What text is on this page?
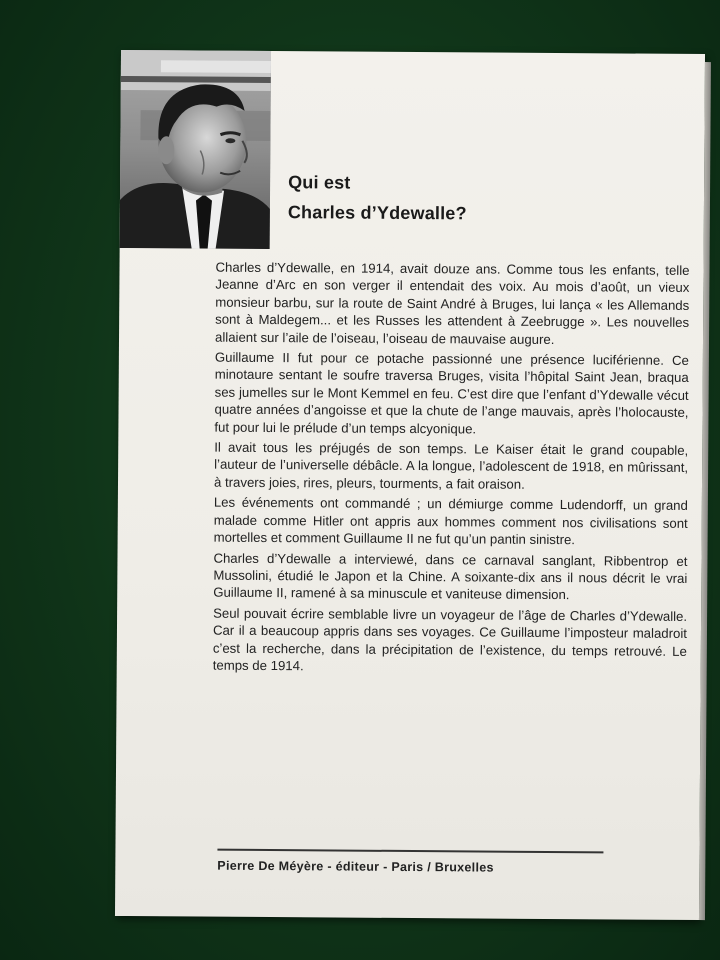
Qui est
Charles d’Ydewalle?

Charles d’Ydewalle, en 1914, avait douze ans. Comme tous les enfants, telle Jeanne d’Arc en son verger il entendait des voix. Au mois d’août, un vieux monsieur barbu, sur la route de Saint André à Bruges, lui lança « les Allemands sont à Maldegem... et les Russes les attendent à Zeebrugge ». Les nouvelles allaient sur l’aile de l’oiseau, l’oiseau de mauvaise augure.

Guillaume II fut pour ce potache passionné une présence luciférienne. Ce minotaure sentant le soufre traversa Bruges, visita l’hôpital Saint Jean, braqua ses jumelles sur le Mont Kemmel en feu. C’est dire que l’enfant d’Ydewalle vécut quatre années d’angoisse et que la chute de l’ange mauvais, après l’holocauste, fut pour lui le prélude d’un temps alcyonique.

Il avait tous les préjugés de son temps. Le Kaiser était le grand coupable, l’auteur de l’universelle débâcle. A la longue, l’adolescent de 1918, en mûrissant, à travers joies, rires, pleurs, tourments, a fait oraison.

Les événements ont commandé ; un démiurge comme Ludendorff, un grand malade comme Hitler ont appris aux hommes comment nos civilisations sont mortelles et comment Guillaume II ne fut qu’un pantin sinistre.

Charles d’Ydewalle a interviewé, dans ce carnaval sanglant, Ribbentrop et Mussolini, étudié le Japon et la Chine. A soixante-dix ans il nous décrit le vrai Guillaume II, ramené à sa minuscule et vaniteuse dimension.

Seul pouvait écrire semblable livre un voyageur de l’âge de Charles d’Ydewalle. Car il a beaucoup appris dans ses voyages. Ce Guillaume l’imposteur maladroit c’est la recherche, dans la précipitation de l’existence, du temps retrouvé. Le temps de 1914.

Pierre De Méyère - éditeur - Paris / Bruxelles
